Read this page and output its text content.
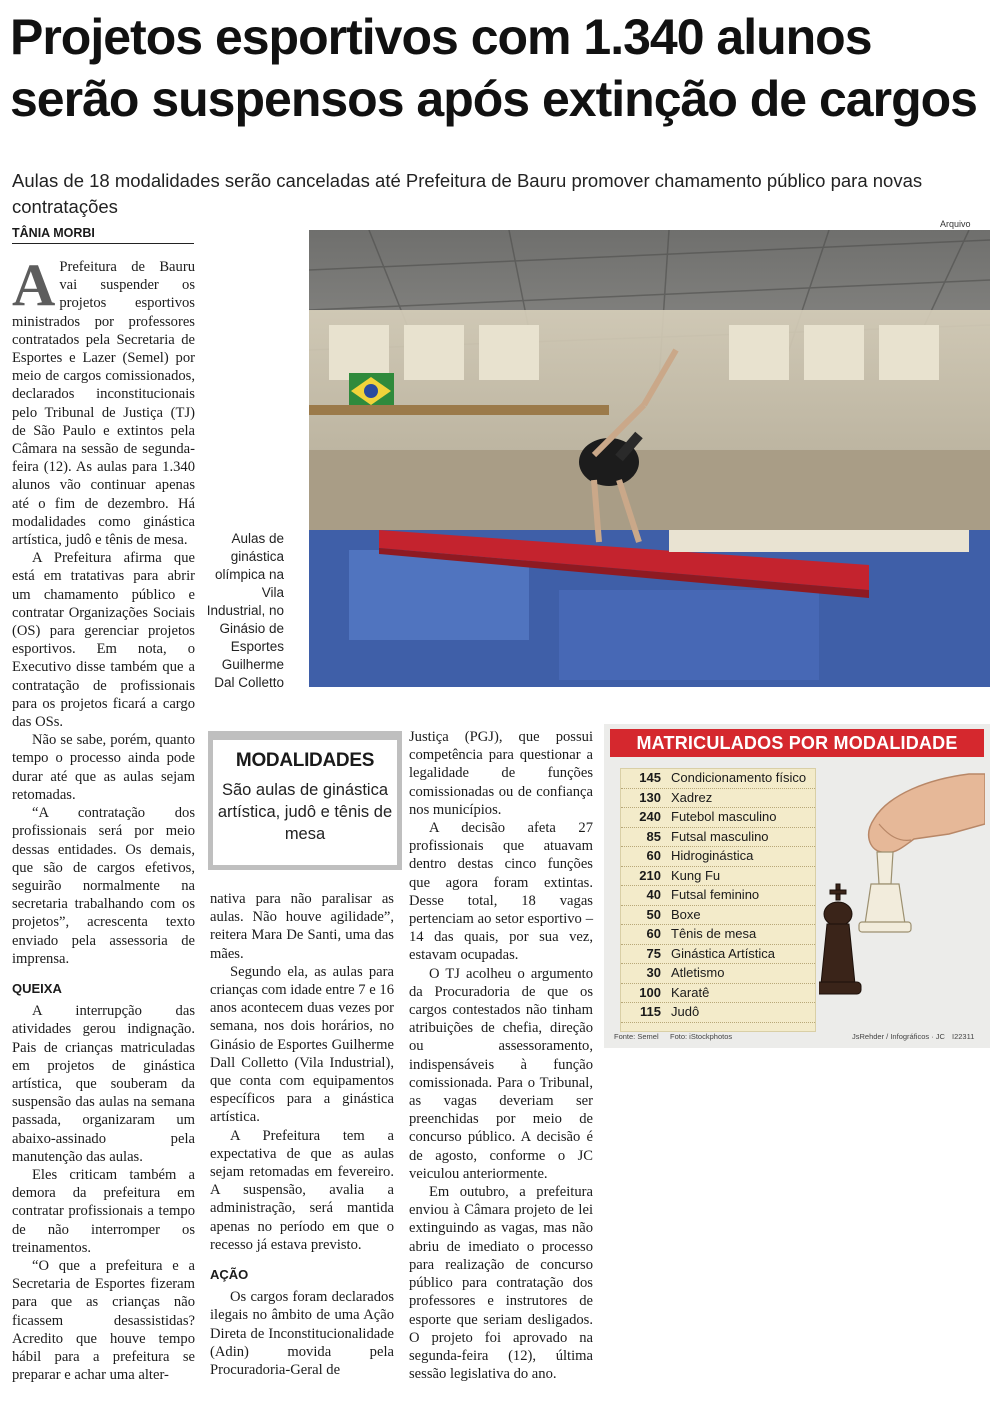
Projetos esportivos com 1.340 alunos serão suspensos após extinção de cargos

Aulas de 18 modalidades serão canceladas até Prefeitura de Bauru promover chamamento público para novas contratações

TÂNIA MORBI
Arquivo
Aulas de ginástica olímpica na Vila Industrial, no Ginásio de Esportes Guilherme Dal Colletto
A Prefeitura de Bauru vai suspender os projetos esportivos ministrados por professores contratados pela Secretaria de Esportes e Lazer (Semel) por meio de cargos comissionados, declarados inconstitucionais pelo Tribunal de Justiça (TJ) de São Paulo e extintos pela Câmara na sessão de segunda-feira (12). As aulas para 1.340 alunos vão continuar apenas até o fim de dezembro. Há modalidades como ginástica artística, judô e tênis de mesa.

A Prefeitura afirma que está em tratativas para abrir um chamamento público e contratar Organizações Sociais (OS) para gerenciar projetos esportivos. Em nota, o Executivo disse também que a contratação de profissionais para os projetos ficará a cargo das OSs.

Não se sabe, porém, quanto tempo o processo ainda pode durar até que as aulas sejam retomadas.

“A contratação dos profissionais será por meio dessas entidades. Os demais, que são de cargos efetivos, seguirão normalmente na secretaria trabalhando com os projetos”, acrescenta texto enviado pela assessoria de imprensa.

QUEIXA

A interrupção das atividades gerou indignação. Pais de crianças matriculadas em projetos de ginástica artística, que souberam da suspensão das aulas na semana passada, organizaram um abaixo-assinado pela manutenção das aulas.

Eles criticam também a demora da prefeitura em contratar profissionais a tempo de não interromper os treinamentos.

“O que a prefeitura e a Secretaria de Esportes fizeram para que as crianças não ficassem desassistidas? Acredito que houve tempo hábil para a prefeitura se preparar e achar uma alter-

MODALIDADES
São aulas de ginástica artística, judô e tênis de mesa

nativa para não paralisar as aulas. Não houve agilidade”, reitera Mara De Santi, uma das mães.

Segundo ela, as aulas para crianças com idade entre 7 e 16 anos acontecem duas vezes por semana, nos dois horários, no Ginásio de Esportes Guilherme Dall Colletto (Vila Industrial), que conta com equipamentos específicos para a ginástica artística.

A Prefeitura tem a expectativa de que as aulas sejam retomadas em fevereiro. A suspensão, avalia a administração, será mantida apenas no período em que o recesso já estava previsto.

AÇÃO

Os cargos foram declarados ilegais no âmbito de uma Ação Direta de Inconstitucionalidade (Adin) movida pela Procuradoria-Geral de

Justiça (PGJ), que possui competência para questionar a legalidade de funções comissionadas ou de confiança nos municípios.

A decisão afeta 27 profissionais que atuavam dentro destas cinco funções que agora foram extintas. Desse total, 18 vagas pertenciam ao setor esportivo – 14 das quais, por sua vez, estavam ocupadas.

O TJ acolheu o argumento da Procuradoria de que os cargos contestados não tinham atribuições de chefia, direção ou assessoramento, indispensáveis à função comissionada. Para o Tribunal, as vagas deveriam ser preenchidas por meio de concurso público. A decisão é de agosto, conforme o JC veiculou anteriormente.

Em outubro, a prefeitura enviou à Câmara projeto de lei extinguindo as vagas, mas não abriu de imediato o processo para realização de concurso público para contratação dos professores e instrutores de esporte que seriam desligados. O projeto foi aprovado na segunda-feira (12), última sessão legislativa do ano.

MATRICULADOS POR MODALIDADE
145 Condicionamento físico
130 Xadrez
240 Futebol masculino
85 Futsal masculino
60 Hidroginástica
210 Kung Fu
40 Futsal feminino
50 Boxe
60 Tênis de mesa
75 Ginástica Artística
30 Atletismo
100 Karatê
115 Judô
Fonte: Semel Foto: iStockphotos	JsRehder / Infográficos · JC I22311
